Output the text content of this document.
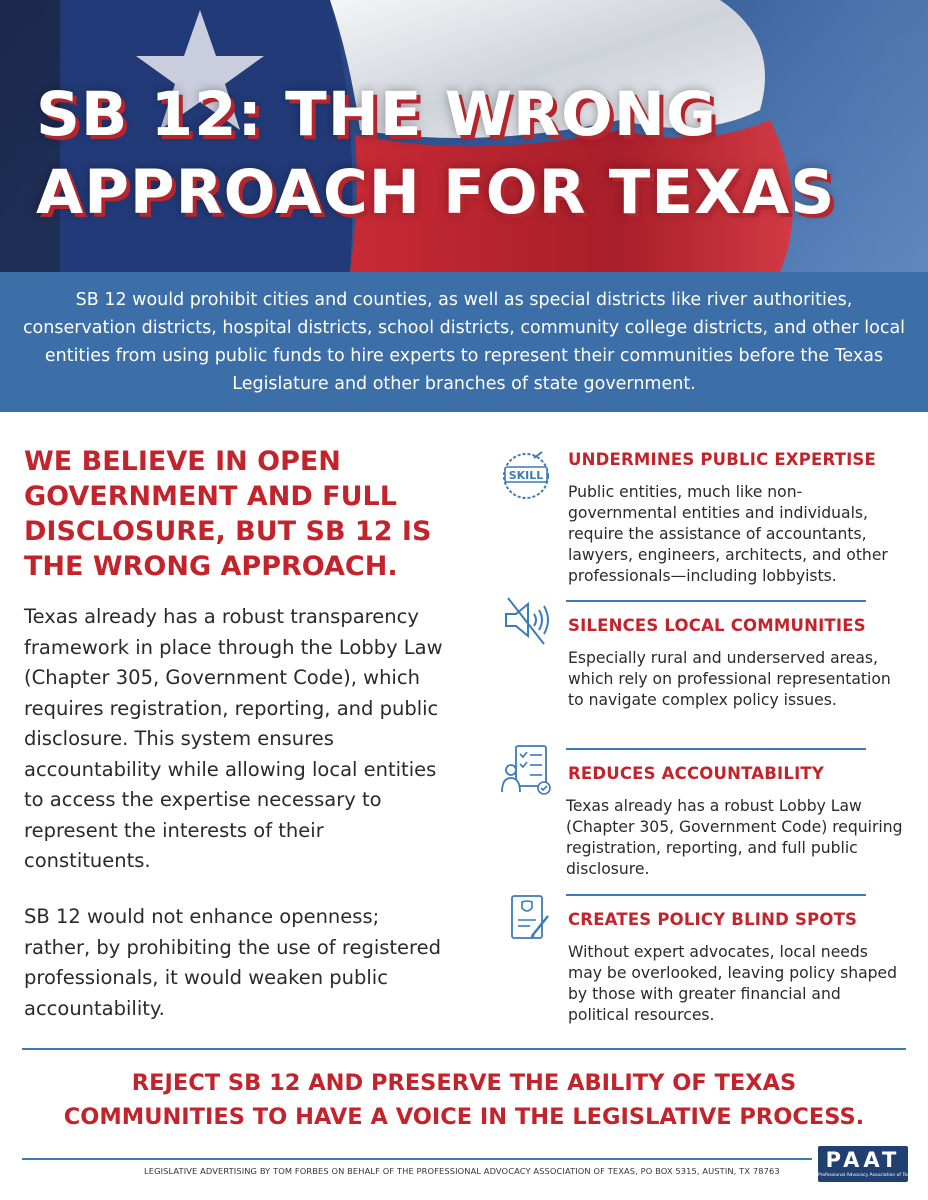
SB 12: THE WRONG
APPROACH FOR TEXAS
SB 12 would prohibit cities and counties, as well as special districts like river authorities, conservation districts, hospital districts, school districts, community college districts, and other local entities from using public funds to hire experts to represent their communities before the Texas Legislature and other branches of state government.
WE BELIEVE IN OPEN GOVERNMENT AND FULL DISCLOSURE, BUT SB 12 IS THE WRONG APPROACH.

Texas already has a robust transparency framework in place through the Lobby Law (Chapter 305, Government Code), which requires registration, reporting, and public disclosure. This system ensures accountability while allowing local entities to access the expertise necessary to represent the interests of their constituents.

SB 12 would not enhance openness; rather, by prohibiting the use of registered professionals, it would weaken public accountability.

SKILL
UNDERMINES PUBLIC EXPERTISE

Public entities, much like non-governmental entities and individuals, require the assistance of accountants, lawyers, engineers, architects, and other professionals—including lobbyists.

SILENCES LOCAL COMMUNITIES

Especially rural and underserved areas, which rely on professional representation to navigate complex policy issues.

REDUCES ACCOUNTABILITY

Texas already has a robust Lobby Law (Chapter 305, Government Code) requiring registration, reporting, and full public disclosure.

CREATES POLICY BLIND SPOTS

Without expert advocates, local needs may be overlooked, leaving policy shaped by those with greater financial and political resources.

REJECT SB 12 AND PRESERVE THE ABILITY OF TEXAS
COMMUNITIES TO HAVE A VOICE IN THE LEGISLATIVE PROCESS.

LEGISLATIVE ADVERTISING BY TOM FORBES ON BEHALF OF THE PROFESSIONAL ADVOCACY ASSOCIATION OF TEXAS, PO BOX 5315, AUSTIN, TX 78763	PAAT
Professional Advocacy Association of Texas
